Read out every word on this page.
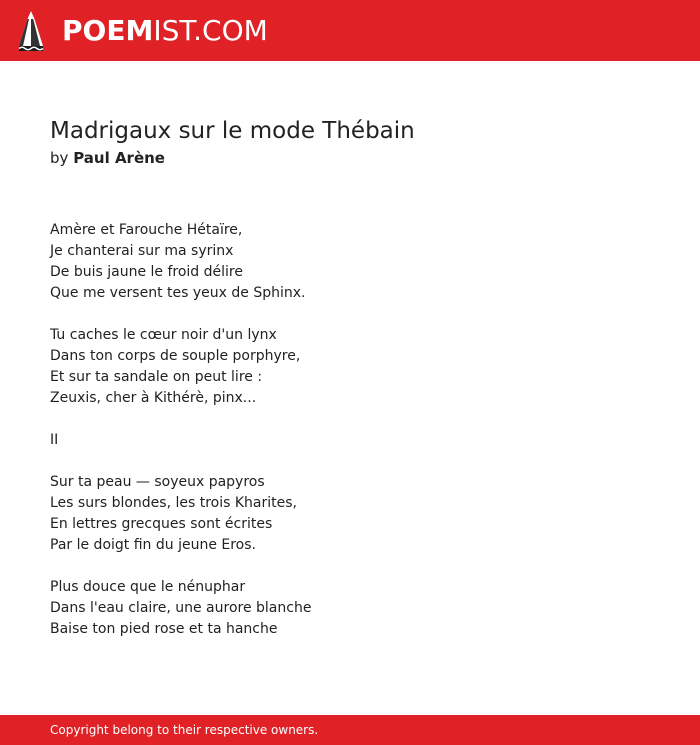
POEMIST.COM
Madrigaux sur le mode Thébain
by Paul Arène
Amère et Farouche Hétaïre,
Je chanterai sur ma syrinx
De buis jaune le froid délire
Que me versent tes yeux de Sphinx.
Tu caches le cœur noir d'un lynx
Dans ton corps de souple porphyre,
Et sur ta sandale on peut lire :
Zeuxis, cher à Kithérè, pinx...
II
Sur ta peau — soyeux papyros
Les surs blondes, les trois Kharites,
En lettres grecques sont écrites
Par le doigt fin du jeune Eros.
Plus douce que le nénuphar
Dans l'eau claire, une aurore blanche
Baise ton pied rose et ta hanche
Copyright belong to their respective owners.
